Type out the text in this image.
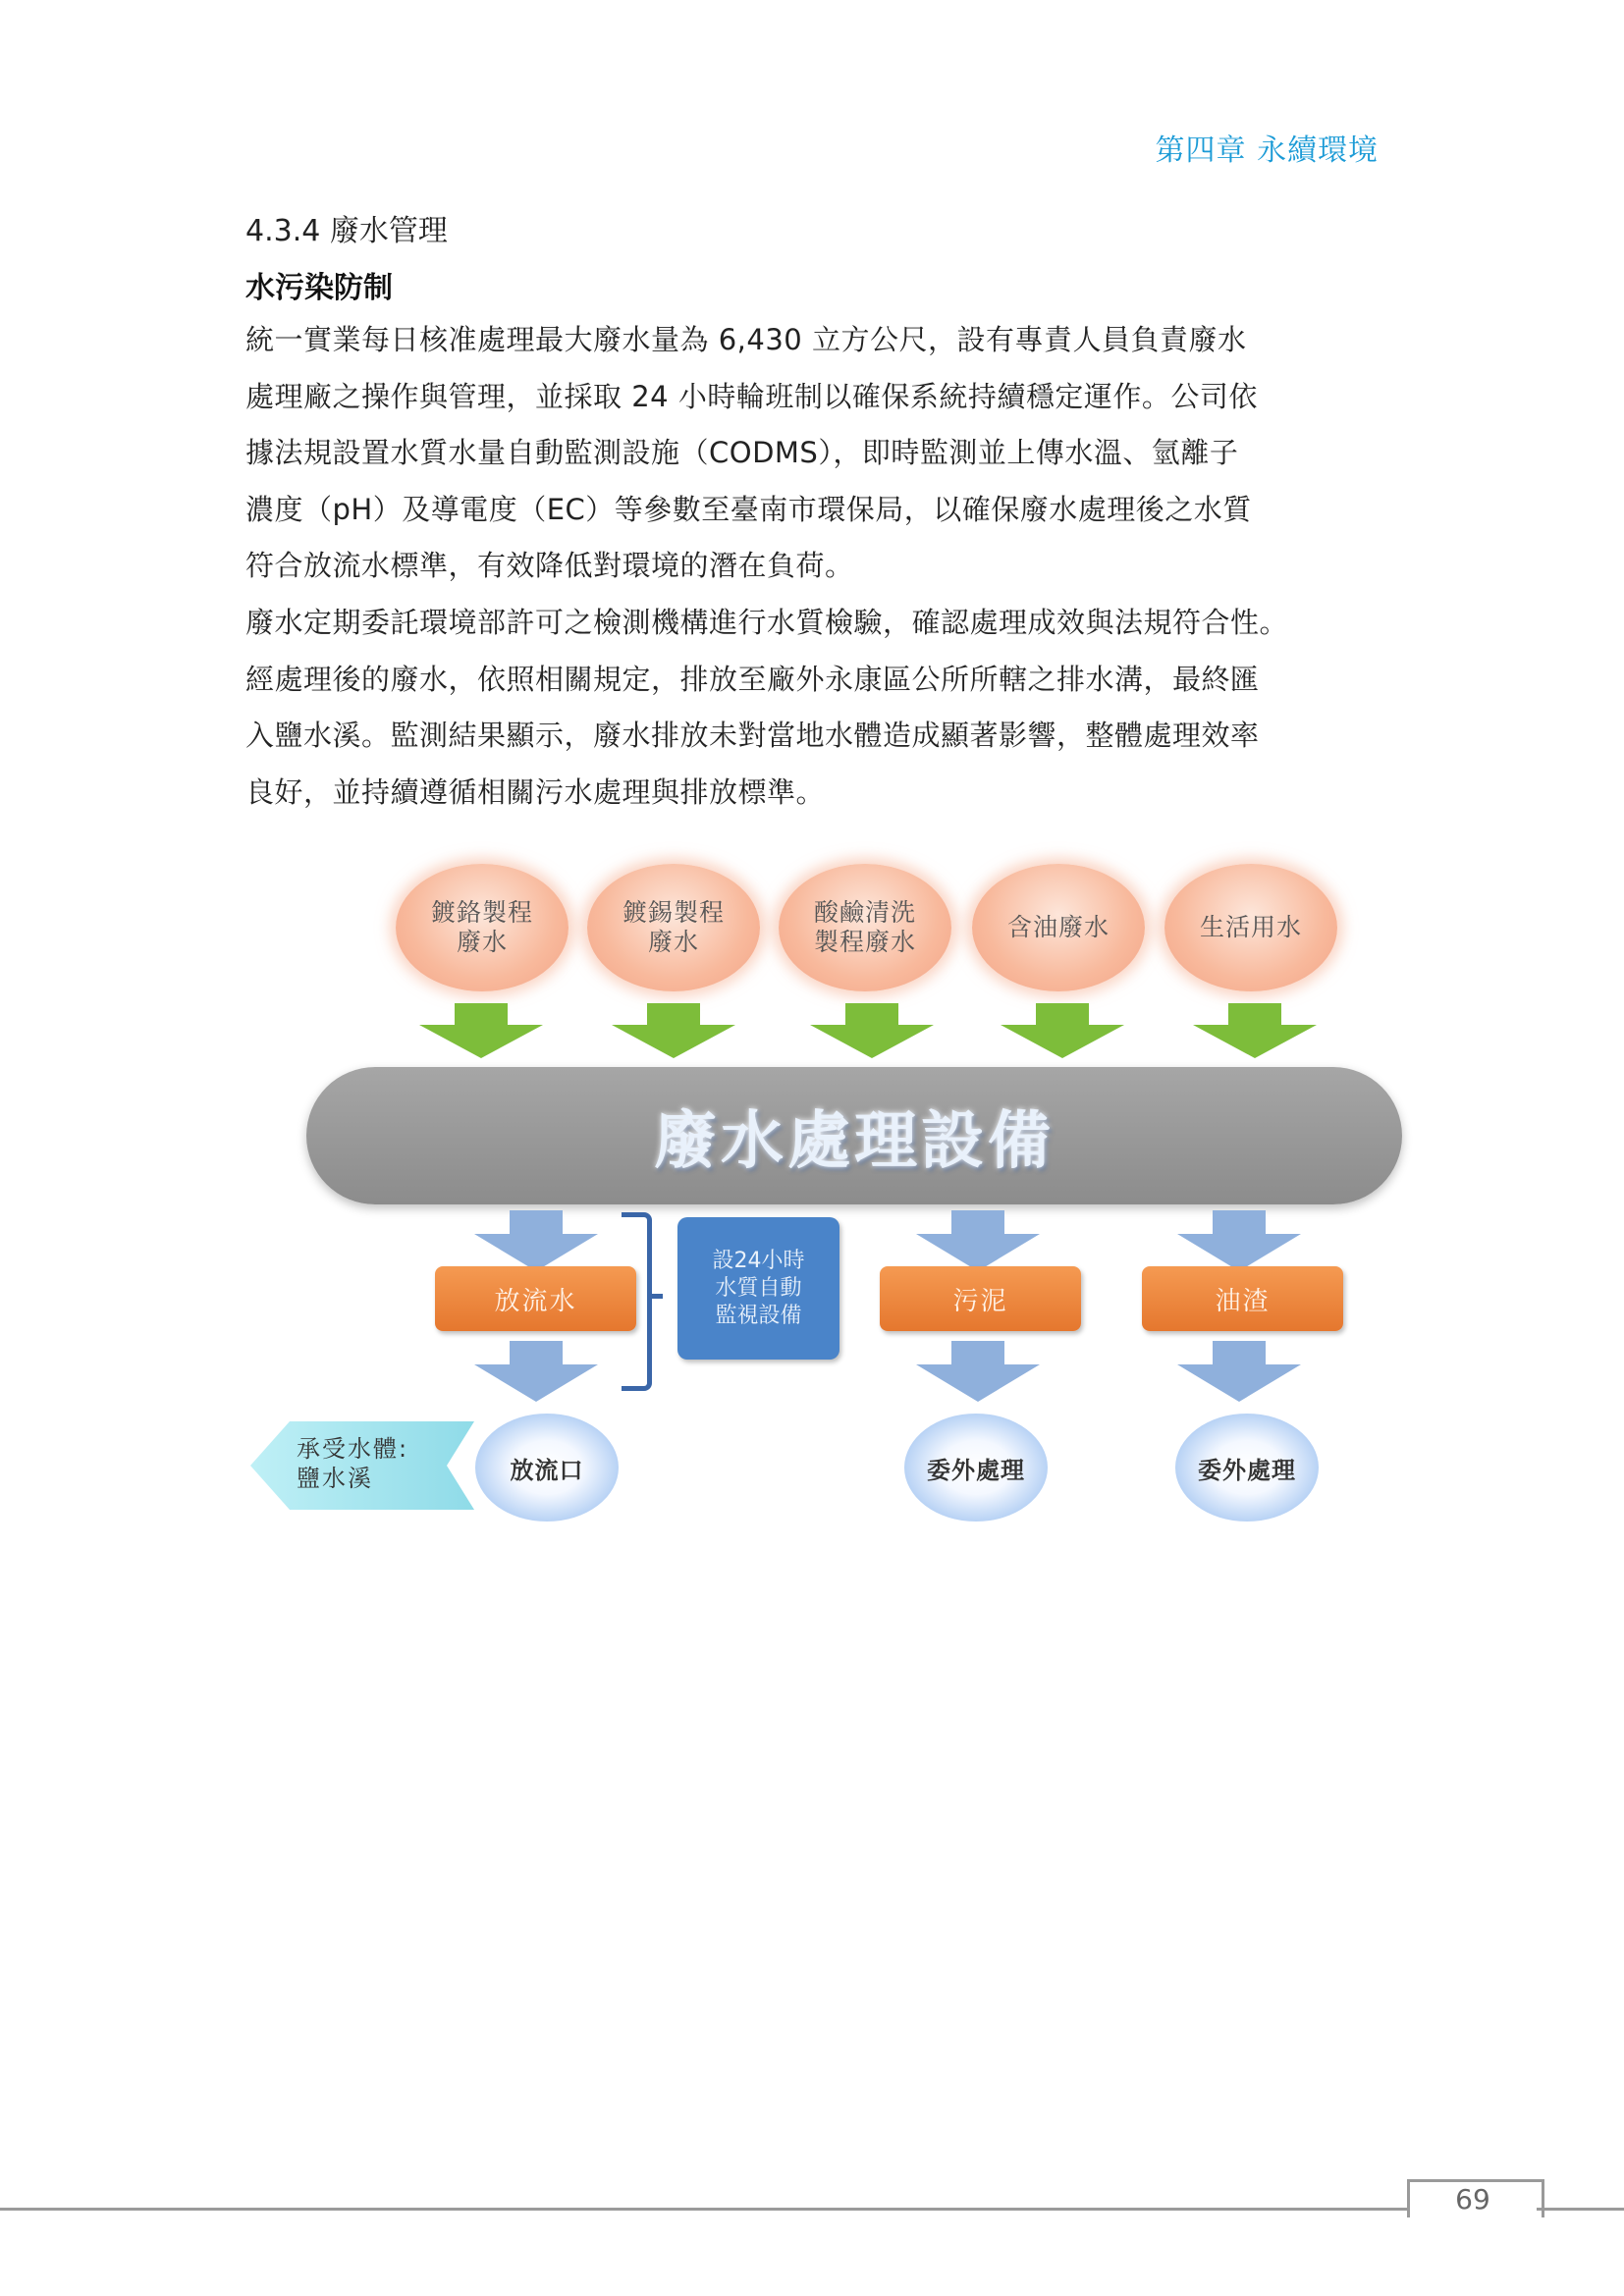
第四章 永續環境
4.3.4 廢水管理
水污染防制
統一實業每日核准處理最大廢水量為 6,430 立方公尺，設有專責人員負責廢水
處理廠之操作與管理，並採取 24 小時輪班制以確保系統持續穩定運作。公司依
據法規設置水質水量自動監測設施（CODMS），即時監測並上傳水溫、氫離子
濃度（pH）及導電度（EC）等參數至臺南市環保局，以確保廢水處理後之水質
符合放流水標準，有效降低對環境的潛在負荷。
廢水定期委託環境部許可之檢測機構進行水質檢驗，確認處理成效與法規符合性。
經處理後的廢水，依照相關規定，排放至廠外永康區公所所轄之排水溝，最終匯
入鹽水溪。監測結果顯示，廢水排放未對當地水體造成顯著影響，整體處理效率
良好，並持續遵循相關污水處理與排放標準。
鍍鉻製程
廢水
鍍錫製程
廢水
酸鹼清洗
製程廢水
含油廢水	生活用水
廢水處理設備
放流水	污泥	油渣
設24小時
水質自動
監視設備
放流口	委外處理	委外處理
承受水體:
鹽水溪
69
